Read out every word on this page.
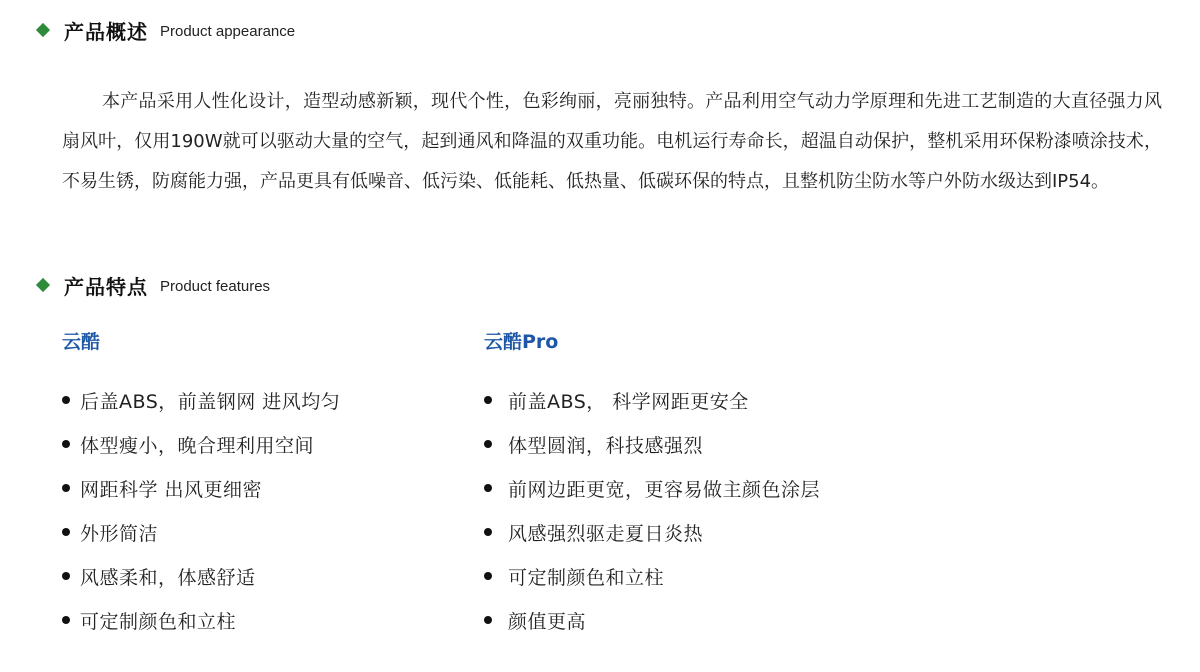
产品概述 Product appearance

本产品采用人性化设计，造型动感新颖，现代个性，色彩绚丽，亮丽独特。产品利用空气动力学原理和先进工艺制造的大直径强力风扇风叶，仅用190W就可以驱动大量的空气，起到通风和降温的双重功能。电机运行寿命长，超温自动保护，整机采用环保粉漆喷涂技术，不易生锈，防腐能力强，产品更具有低噪音、低污染、低能耗、低热量、低碳环保的特点，且整机防尘防水等户外防水级达到IP54。

产品特点 Product features
云酷
后盖ABS，前盖钢网 进风均匀
体型瘦小，晚合理利用空间
网距科学 出风更细密
外形简洁
风感柔和，体感舒适
可定制颜色和立柱
云酷Pro
前盖ABS， 科学网距更安全
体型圆润，科技感强烈
前网边距更宽，更容易做主颜色涂层
风感强烈驱走夏日炎热
可定制颜色和立柱
颜值更高
